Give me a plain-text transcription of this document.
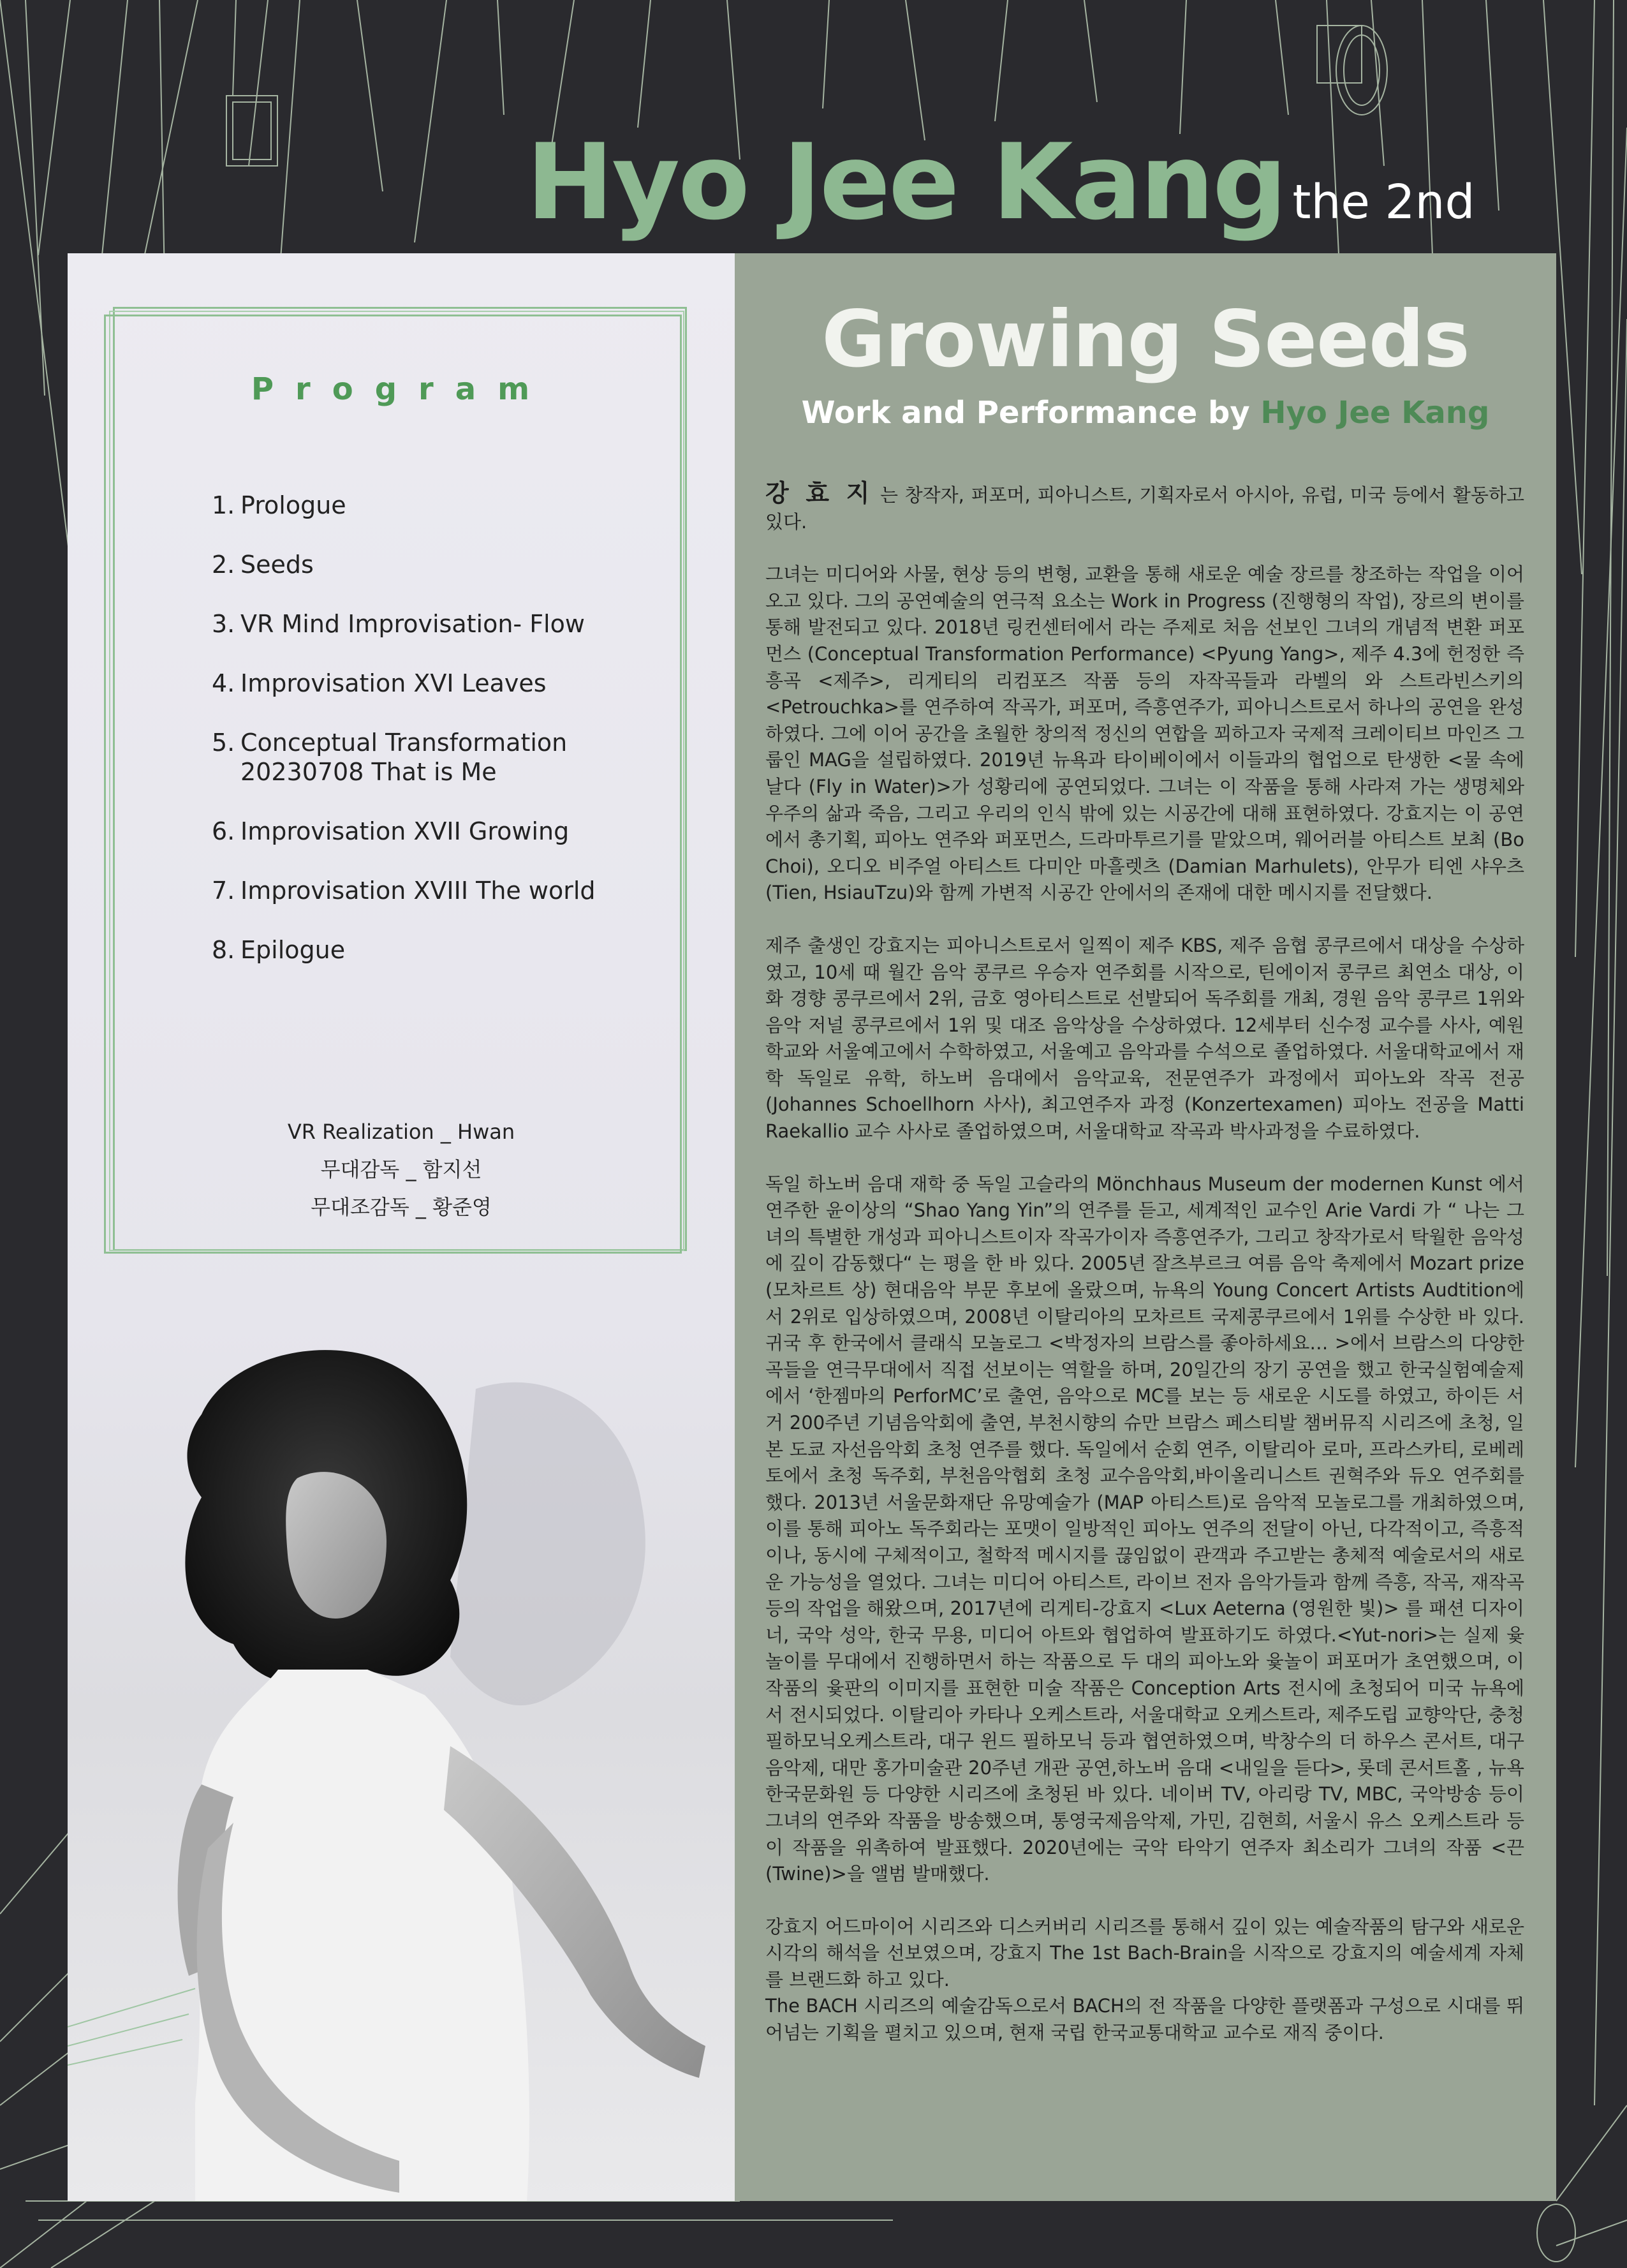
Hyo Jee Kang the 2nd
Program
1. Prologue
2. Seeds
3. VR Mind Improvisation- Flow
4. Improvisation XVI Leaves
5. Conceptual Transformation 20230708 That is Me
6. Improvisation XVII Growing
7. Improvisation XVIII The world
8. Epilogue
VR Realization _ Hwan
무대감독 _ 함지선
무대조감독 _ 황준영
Growing Seeds
Work and Performance by Hyo Jee Kang

강 효 지 는 창작자, 퍼포머, 피아니스트, 기획자로서 아시아, 유럽, 미국 등에서 활동하고 있다.

그녀는 미디어와 사물, 현상 등의 변형, 교환을 통해 새로운 예술 장르를 창조하는 작업을 이어오고 있다. 그의 공연예술의 연극적 요소는 Work in Progress (진행형의 작업), 장르의 변이를 통해 발전되고 있다. 2018년 링컨센터에서 라는 주제로 처음 선보인 그녀의 개념적 변환 퍼포먼스 (Conceptual Transformation Performance) <Pyung Yang>, 제주 4.3에 헌정한 즉흥곡 <제주>, 리게티의 리컴포즈 작품 등의 자작곡들과 라벨의 와 스트라빈스키의 <Petrouchka>를 연주하여 작곡가, 퍼포머, 즉흥연주가, 피아니스트로서 하나의 공연을 완성하였다. 그에 이어 공간을 초월한 창의적 정신의 연합을 꾀하고자 국제적 크레이티브 마인즈 그룹인 MAG을 설립하였다. 2019년 뉴욕과 타이베이에서 이들과의 협업으로 탄생한 <물 속에 날다 (Fly in Water)>가 성황리에 공연되었다. 그녀는 이 작품을 통해 사라져 가는 생명체와 우주의 삶과 죽음, 그리고 우리의 인식 밖에 있는 시공간에 대해 표현하였다. 강효지는 이 공연에서 총기획, 피아노 연주와 퍼포먼스, 드라마투르기를 맡았으며, 웨어러블 아티스트 보최 (Bo Choi), 오디오 비주얼 아티스트 다미안 마흘렛츠 (Damian Marhulets), 안무가 티엔 샤우츠 (Tien, HsiauTzu)와 함께 가변적 시공간 안에서의 존재에 대한 메시지를 전달했다.

제주 출생인 강효지는 피아니스트로서 일찍이 제주 KBS, 제주 음협 콩쿠르에서 대상을 수상하였고, 10세 때 월간 음악 콩쿠르 우승자 연주회를 시작으로, 틴에이저 콩쿠르 최연소 대상, 이화 경향 콩쿠르에서 2위, 금호 영아티스트로 선발되어 독주회를 개최, 경원 음악 콩쿠르 1위와 음악 저널 콩쿠르에서 1위 및 대조 음악상을 수상하였다. 12세부터 신수정 교수를 사사, 예원학교와 서울예고에서 수학하였고, 서울예고 음악과를 수석으로 졸업하였다. 서울대학교에서 재학 독일로 유학, 하노버 음대에서 음악교육, 전문연주가 과정에서 피아노와 작곡 전공(Johannes Schoellhorn 사사), 최고연주자 과정 (Konzertexamen) 피아노 전공을 Matti Raekallio 교수 사사로 졸업하였으며, 서울대학교 작곡과 박사과정을 수료하였다.

독일 하노버 음대 재학 중 독일 고슬라의 Mönchhaus Museum der modernen Kunst 에서 연주한 윤이상의 “Shao Yang Yin”의 연주를 듣고, 세계적인 교수인 Arie Vardi 가 “ 나는 그녀의 특별한 개성과 피아니스트이자 작곡가이자 즉흥연주가, 그리고 창작가로서 탁월한 음악성에 깊이 감동했다“ 는 평을 한 바 있다. 2005년 잘츠부르크 여름 음악 축제에서 Mozart prize (모차르트 상) 현대음악 부문 후보에 올랐으며, 뉴욕의 Young Concert Artists Audtition에서 2위로 입상하였으며, 2008년 이탈리아의 모차르트 국제콩쿠르에서 1위를 수상한 바 있다. 귀국 후 한국에서 클래식 모놀로그 <박정자의 브람스를 좋아하세요… >에서 브람스의 다양한 곡들을 연극무대에서 직접 선보이는 역할을 하며, 20일간의 장기 공연을 했고 한국실험예술제에서 ‘한젬마의 PerforMC’로 출연, 음악으로 MC를 보는 등 새로운 시도를 하였고, 하이든 서거 200주년 기념음악회에 출연, 부천시향의 슈만 브람스 페스티발 챔버뮤직 시리즈에 초청, 일본 도쿄 자선음악회 초청 연주를 했다. 독일에서 순회 연주, 이탈리아 로마, 프라스카티, 로베레토에서 초청 독주회, 부천음악협회 초청 교수음악회,바이올리니스트 권혁주와 듀오 연주회를 했다. 2013년 서울문화재단 유망예술가 (MAP 아티스트)로 음악적 모놀로그를 개최하였으며, 이를 통해 피아노 독주회라는 포맷이 일방적인 피아노 연주의 전달이 아닌, 다각적이고, 즉흥적이나, 동시에 구체적이고, 철학적 메시지를 끊임없이 관객과 주고받는 총체적 예술로서의 새로운 가능성을 열었다. 그녀는 미디어 아티스트, 라이브 전자 음악가들과 함께 즉흥, 작곡, 재작곡 등의 작업을 해왔으며, 2017년에 리게티-강효지 <Lux Aeterna (영원한 빛)> 를 패션 디자이너, 국악 성악, 한국 무용, 미디어 아트와 협업하여 발표하기도 하였다.<Yut-nori>는 실제 윷놀이를 무대에서 진행하면서 하는 작품으로 두 대의 피아노와 윷놀이 퍼포머가 초연했으며, 이 작품의 윷판의 이미지를 표현한 미술 작품은 Conception Arts 전시에 초청되어 미국 뉴욕에서 전시되었다. 이탈리아 카타나 오케스트라, 서울대학교 오케스트라, 제주도립 교향악단, 충청필하모닉오케스트라, 대구 윈드 필하모닉 등과 협연하였으며, 박창수의 더 하우스 콘서트, 대구음악제, 대만 홍가미술관 20주년 개관 공연,하노버 음대 <내일을 듣다>, 롯데 콘서트홀 , 뉴욕 한국문화원 등 다양한 시리즈에 초청된 바 있다. 네이버 TV, 아리랑 TV, MBC, 국악방송 등이 그녀의 연주와 작품을 방송했으며, 통영국제음악제, 가민, 김현희, 서울시 유스 오케스트라 등이 작품을 위촉하여 발표했다. 2020년에는 국악 타악기 연주자 최소리가 그녀의 작품 <끈(Twine)>을 앨범 발매했다.

강효지 어드마이어 시리즈와 디스커버리 시리즈를 통해서 깊이 있는 예술작품의 탐구와 새로운 시각의 해석을 선보였으며, 강효지 The 1st Bach-Brain을 시작으로 강효지의 예술세계 자체를 브랜드화 하고 있다.

The BACH 시리즈의 예술감독으로서 BACH의 전 작품을 다양한 플랫폼과 구성으로 시대를 뛰어넘는 기획을 펼치고 있으며, 현재 국립 한국교통대학교 교수로 재직 중이다.
